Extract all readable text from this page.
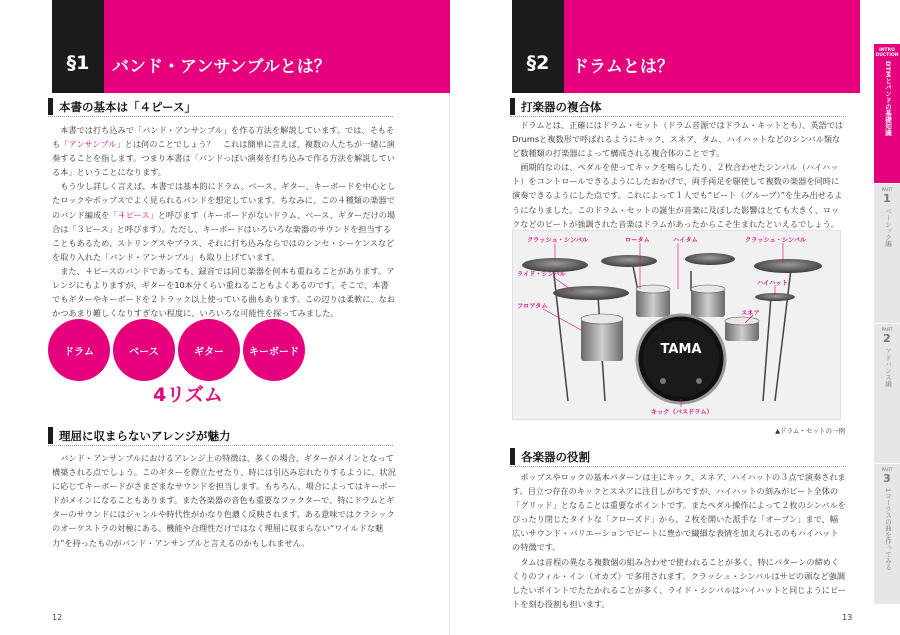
§1	バンド・アンサンブルとは？
本書の基本は「４ピース」

本書では打ち込みで「バンド・アンサンブル」を作る方法を解説しています。では、そもそも「アンサンブル」とは何のことでしょう？　これは簡単に言えば、複数の人たちが一緒に演奏することを指します。つまり本書は「バンドっぽい演奏を打ち込みで作る方法を解説している本」ということになります。

もう少し詳しく言えば、本書では基本的にドラム、ベース、ギター、キーボードを中心としたロックやポップスでよく見られるバンドを想定しています。ちなみに、この４種類の楽器でのバンド編成を「４ピース」と呼びます（キーボードがないドラム、ベース、ギターだけの場合は「３ピース」と呼びます）。ただし、キーボードはいろいろな楽器のサウンドを担当することもあるため、ストリングスやブラス、それに打ち込みならではのシンセ・シーケンスなどを取り入れた「バンド・アンサンブル」も取り上げています。

また、４ピースのバンドであっても、録音では同じ楽器を何本も重ねることがあります。アレンジにもよりますが、ギターを10本分くらい重ねることもよくあるのです。そこで、本書でもギターやキーボードを２トラック以上使っている曲もあります。この辺りは柔軟に、なおかつあまり難しくなりすぎない程度に、いろいろな可能性を探ってみました。

ドラム	ベース	ギター	キーボード
4リズム
理屈に収まらないアレンジが魅力

バンド・アンサンブルにおけるアレンジ上の特徴は、多くの場合、ギターがメインとなって構築される点でしょう。このギターを際立たせたり、時には引込み忘れたりするように、状況に応じてキーボードがさまざまなサウンドを担当します。もちろん、場合によってはキーボードがメインになることもあります。また各楽器の音色も重要なファクターで、特にドラムとギターのサウンドにはジャンルや時代性がかなり色濃く反映されます。ある意味ではクラシックのオーケストラの対極にある、機能や合理性だけではなく理屈に収まらない“ワイルドな魅力”を持ったものがバンド・アンサンブルと言えるのかもしれません。

12
§2	ドラムとは？
打楽器の複合体

ドラムとは、正確にはドラム・セット（ドラム音源ではドラム・キットとも）、英語ではDrumsと複数形で呼ばれるようにキック、スネア、タム、ハイハットなどのシンバル類など数種類の打楽器によって構成される複合体のことです。

画期的なのは、ペダルを使ってキックを鳴らしたり、２枚合わせたシンバル（ハイハット）をコントロールできるようにしたおかげで、両手両足を駆使して複数の楽器を同時に演奏できるようにした点です。これによって１人でも“ビート（グルーブ）”を生み出せるようになりました。このドラム・セットの誕生が音楽に及ぼした影響はとても大きく、ロックなどのビートが強調された音楽はドラムがあったからこそ生まれたといえるでしょう。

TAMA
クラッシュ・シンバル	ロータム	ハイタム	クラッシュ・シンバル
ライド・シンバル
ハイハット
フロアタム
スネア
キック（バスドラム）
▲ドラム・セットの一例
各楽器の役割

ポップスやロックの基本パターンは主にキック、スネア、ハイハットの３点で演奏されます。目立つ存在のキックとスネアに注目しがちですが、ハイハットの刻みがビート全体の「グリッド」となることは重要なポイントです。またペダル操作によって２枚のシンバルをぴったり閉じたタイトな「クローズド」から、２枚を開いた派手な「オープン」まで、幅広いサウンド・バリエーションでビートに豊かで繊細な表情を加えられるのもハイハットの特徴です。

タムは音程の異なる複数個の組み合わせで使われることが多く、特にパターンの締めくくりのフィル・イン（オカズ）で多用されます。クラッシュ・シンバルはサビの頭など強調したいポイントでたたかれることが多く、ライド・シンバルはハイハットと同じようにビートを刻む役割も担います。

13
INTRO DUCTION
DTMとバンドの基礎知識
PART
1
ベーシック編
PART
2
アドバンス編
PART
3
1コーラスの曲を作ってみる
